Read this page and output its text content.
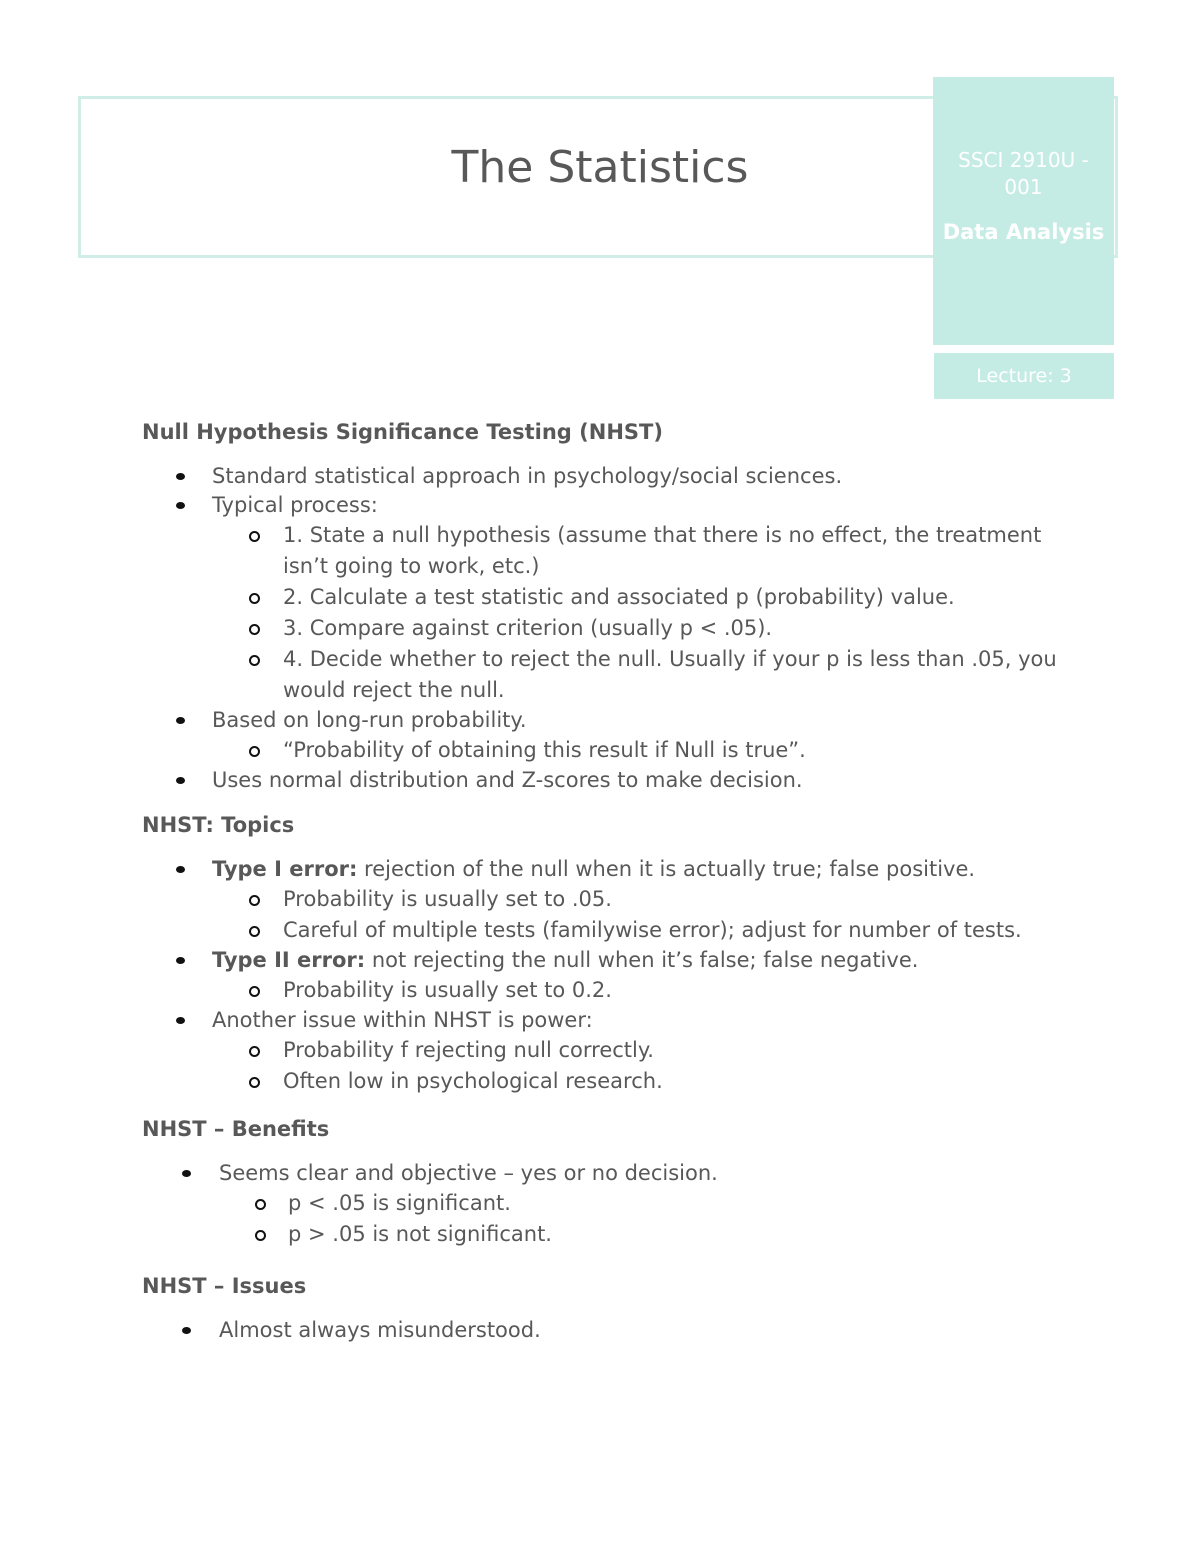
The Statistics	SSCI 2910U - 001
Data Analysis
Lecture: 3
Null Hypothesis Significance Testing (NHST)
Standard statistical approach in psychology/social sciences.
Typical process:
1. State a null hypothesis (assume that there is no effect, the treatment isn’t going to work, etc.)
2. Calculate a test statistic and associated p (probability) value.
3. Compare against criterion (usually p < .05).
4. Decide whether to reject the null. Usually if your p is less than .05, you would reject the null.
Based on long-run probability.
“Probability of obtaining this result if Null is true”.
Uses normal distribution and Z-scores to make decision.
NHST: Topics
Type I error: rejection of the null when it is actually true; false positive.
Probability is usually set to .05.
Careful of multiple tests (familywise error); adjust for number of tests.
Type II error: not rejecting the null when it’s false; false negative.
Probability is usually set to 0.2.
Another issue within NHST is power:
Probability f rejecting null correctly.
Often low in psychological research.
NHST – Benefits
Seems clear and objective – yes or no decision.
p < .05 is significant.
p > .05 is not significant.
NHST – Issues
Almost always misunderstood.
